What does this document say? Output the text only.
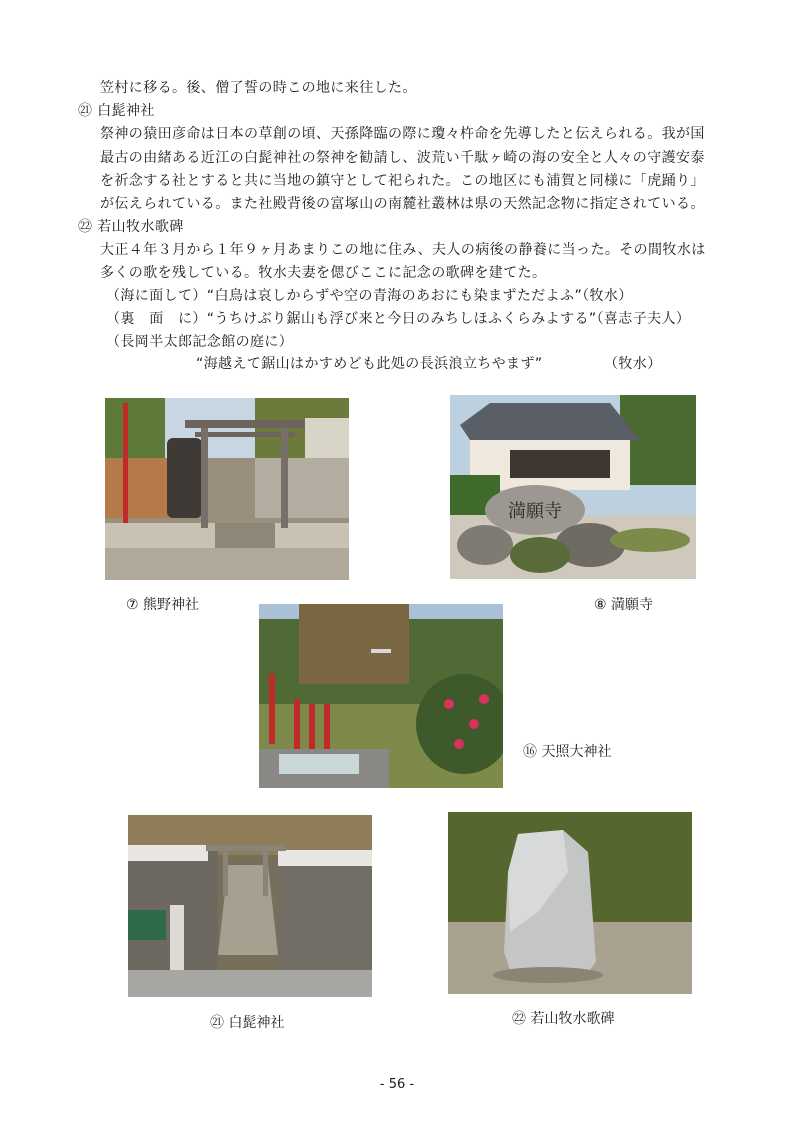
笠村に移る。後、僧了誓の時この地に来往した。
㉑ 白髭神社
祭神の猿田彦命は日本の草創の頃、天孫降臨の際に瓊々杵命を先導したと伝えられる。我が国
最古の由緒ある近江の白髭神社の祭神を勧請し、波荒い千駄ヶ崎の海の安全と人々の守護安泰
を祈念する社とすると共に当地の鎮守として祀られた。この地区にも浦賀と同様に「虎踊り」
が伝えられている。また社殿背後の富塚山の南麓社叢林は県の天然記念物に指定されている。
㉒ 若山牧水歌碑
大正４年３月から１年９ヶ月あまりこの地に住み、夫人の病後の静養に当った。その間牧水は
多くの歌を残している。牧水夫妻を偲びここに記念の歌碑を建てた。
（海に面して）“白鳥は哀しからずや空の青海のあおにも染まずただよふ”（牧水）
（裏　面　に）“うちけぶり鋸山も浮び来と今日のみちしほふくらみよする”（喜志子夫人）
（長岡半太郎記念館の庭に）
“海越えて鋸山はかすめども此処の長浜浪立ちやまず”	（牧水）
満願寺
⑦ 熊野神社	⑧ 満願寺
⑯ 天照大神社
㉑ 白髭神社	㉒ 若山牧水歌碑
- 56 -
